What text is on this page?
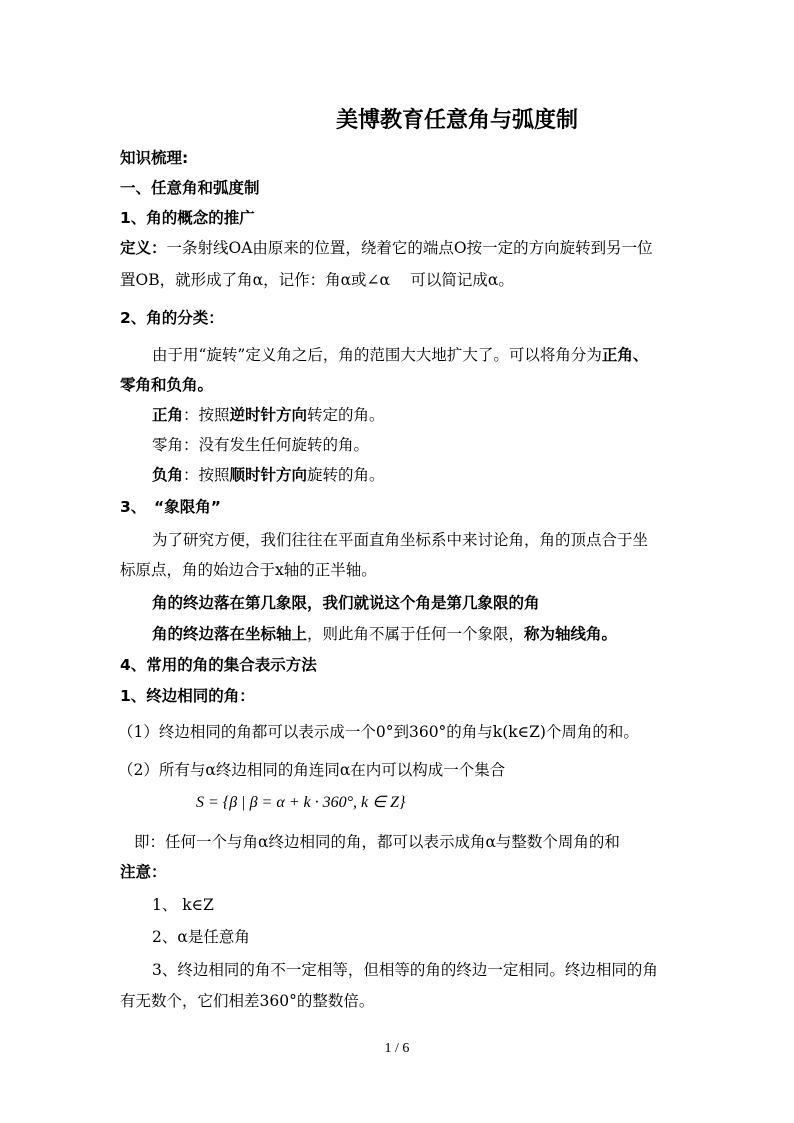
美博教育任意角与弧度制
知识梳理:
一、任意角和弧度制
1、角的概念的推广
定义：一条射线OA由原来的位置，绕着它的端点O按一定的方向旋转到另一位
置OB，就形成了角α，记作：角α或∠α　 可以简记成α。
2、角的分类：
由于用“旋转”定义角之后，角的范围大大地扩大了。可以将角分为正角、
零角和负角。
正角：按照逆时针方向转定的角。
零角：没有发生任何旋转的角。
负角：按照顺时针方向旋转的角。
3、　“象限角”
为了研究方便，我们往往在平面直角坐标系中来讨论角，角的顶点合于坐
标原点，角的始边合于x轴的正半轴。
角的终边落在第几象限，我们就说这个角是第几象限的角
角的终边落在坐标轴上，则此角不属于任何一个象限，称为轴线角。
4、常用的角的集合表示方法
1、终边相同的角：
（1）终边相同的角都可以表示成一个0°到360°的角与k(k∈Z)个周角的和。
（2）所有与α终边相同的角连同α在内可以构成一个集合
S = {β | β = α + k · 360°, k ∈ Z}
即：任何一个与角α终边相同的角，都可以表示成角α与整数个周角的和
注意：
1、 k∈Z
2、α是任意角
3、终边相同的角不一定相等，但相等的角的终边一定相同。终边相同的角
有无数个，它们相差360°的整数倍。
1 / 6
